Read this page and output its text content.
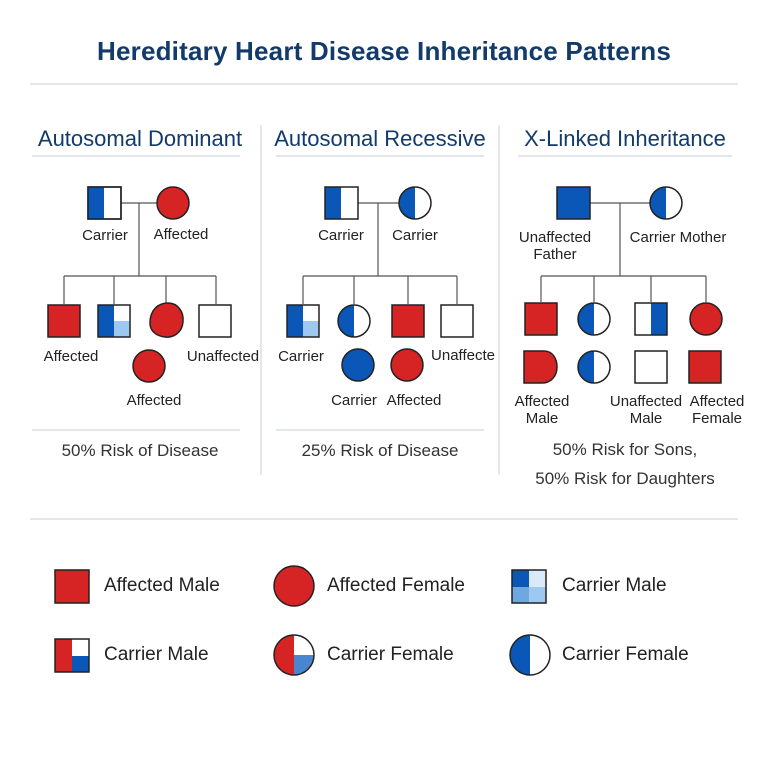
Hereditary Heart Disease Inheritance Patterns
Autosomal Dominant	Autosomal Recessive	X-Linked Inheritance
Carrier	Affected
Affected	Unaffected
Affected
50% Risk of Disease
Carrier	Carrier
Carrier	Unaffecte
Carrier Affected
25% Risk of Disease
Unaffected Father
Carrier Mother
Affected Male
Unaffected Male
Affected Female
50% Risk for Sons,
50% Risk for Daughters
Affected Male	Affected Female	Carrier Male
Carrier Male	Carrier Female	Carrier Female
